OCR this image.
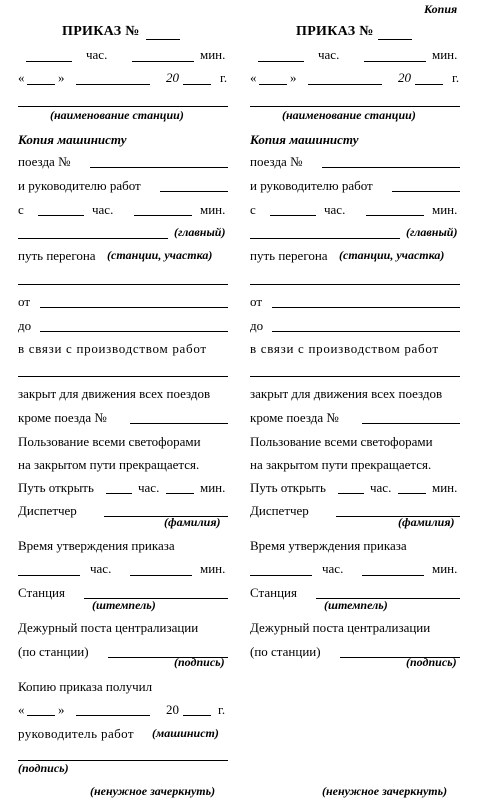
Копия
ПРИКАЗ №
час.	мин.
«	»	20	г.
(наименование станции)
Копия машинисту
поезда №
и руководителю работ
с	час.	мин.
(главный)
путь перегона (станции, участка)
от
до
в связи с производством работ
закрыт для движения всех поездов
кроме поезда №
Пользование всеми светофорами
на закрытом пути прекращается.
Путь открыть	час.	мин.
Диспетчер
(фамилия)
Время утверждения приказа
час.	мин.
Станция
(штемпель)
Дежурный поста централизации
(по станции)
(подпись)
Копию приказа получил
«	»	20	г.
руководитель работ (машинист)
(подпись)
(ненужное зачеркнуть)
ПРИКАЗ №
час.	мин.
«	»	20	г.
(наименование станции)
Копия машинисту
поезда №
и руководителю работ
с	час.	мин.
(главный)
путь перегона (станции, участка)
от
до
в связи с производством работ
закрыт для движения всех поездов
кроме поезда №
Пользование всеми светофорами
на закрытом пути прекращается.
Путь открыть	час.	мин.
Диспетчер
(фамилия)
Время утверждения приказа
час.	мин.
Станция
(штемпель)
Дежурный поста централизации
(по станции)
(подпись)
(ненужное зачеркнуть)
